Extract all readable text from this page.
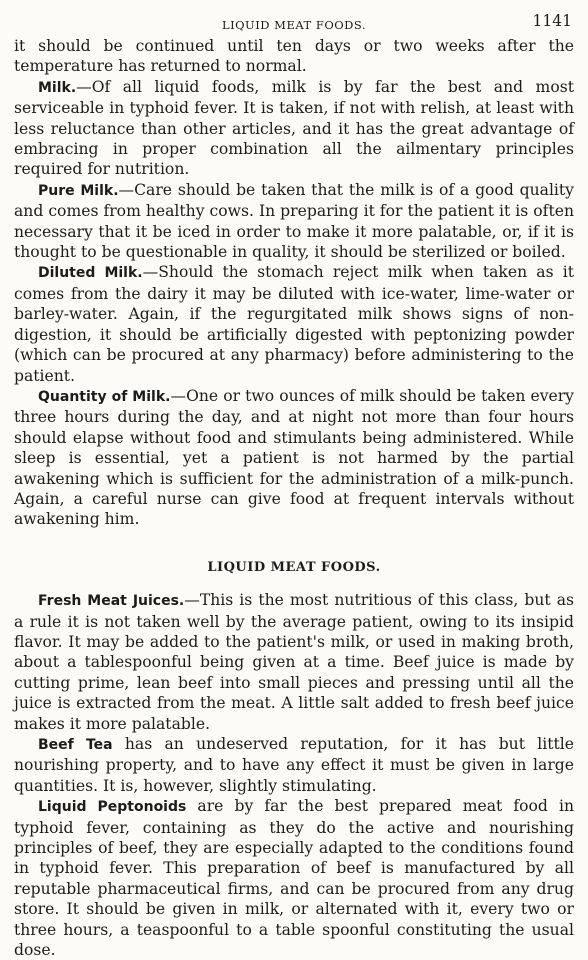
LIQUID MEAT FOODS.	1141

it should be continued until ten days or two weeks after the temperature has returned to normal.

Milk.—Of all liquid foods, milk is by far the best and most serviceable in typhoid fever. It is taken, if not with relish, at least with less reluctance than other articles, and it has the great advantage of embracing in proper combination all the ailmentary principles required for nutrition.

Pure Milk.—Care should be taken that the milk is of a good quality and comes from healthy cows. In preparing it for the patient it is often necessary that it be iced in order to make it more palatable, or, if it is thought to be questionable in quality, it should be sterilized or boiled.

Diluted Milk.—Should the stomach reject milk when taken as it comes from the dairy it may be diluted with ice-water, lime-water or barley-water. Again, if the regurgitated milk shows signs of non-digestion, it should be artificially digested with peptonizing powder (which can be procured at any pharmacy) before administering to the patient.

Quantity of Milk.—One or two ounces of milk should be taken every three hours during the day, and at night not more than four hours should elapse without food and stimulants being administered. While sleep is essential, yet a patient is not harmed by the partial awakening which is sufficient for the administration of a milk-punch. Again, a careful nurse can give food at frequent intervals without awakening him.

LIQUID MEAT FOODS.

Fresh Meat Juices.—This is the most nutritious of this class, but as a rule it is not taken well by the average patient, owing to its insipid flavor. It may be added to the patient's milk, or used in making broth, about a tablespoonful being given at a time. Beef juice is made by cutting prime, lean beef into small pieces and pressing until all the juice is extracted from the meat. A little salt added to fresh beef juice makes it more palatable.

Beef Tea has an undeserved reputation, for it has but little nourishing property, and to have any effect it must be given in large quantities. It is, however, slightly stimulating.

Liquid Peptonoids are by far the best prepared meat food in typhoid fever, containing as they do the active and nourishing principles of beef, they are especially adapted to the conditions found in typhoid fever. This preparation of beef is manufactured by all reputable pharmaceutical firms, and can be procured from any drug store. It should be given in milk, or alternated with it, every two or three hours, a teaspoonful to a table spoonful constituting the usual dose.
